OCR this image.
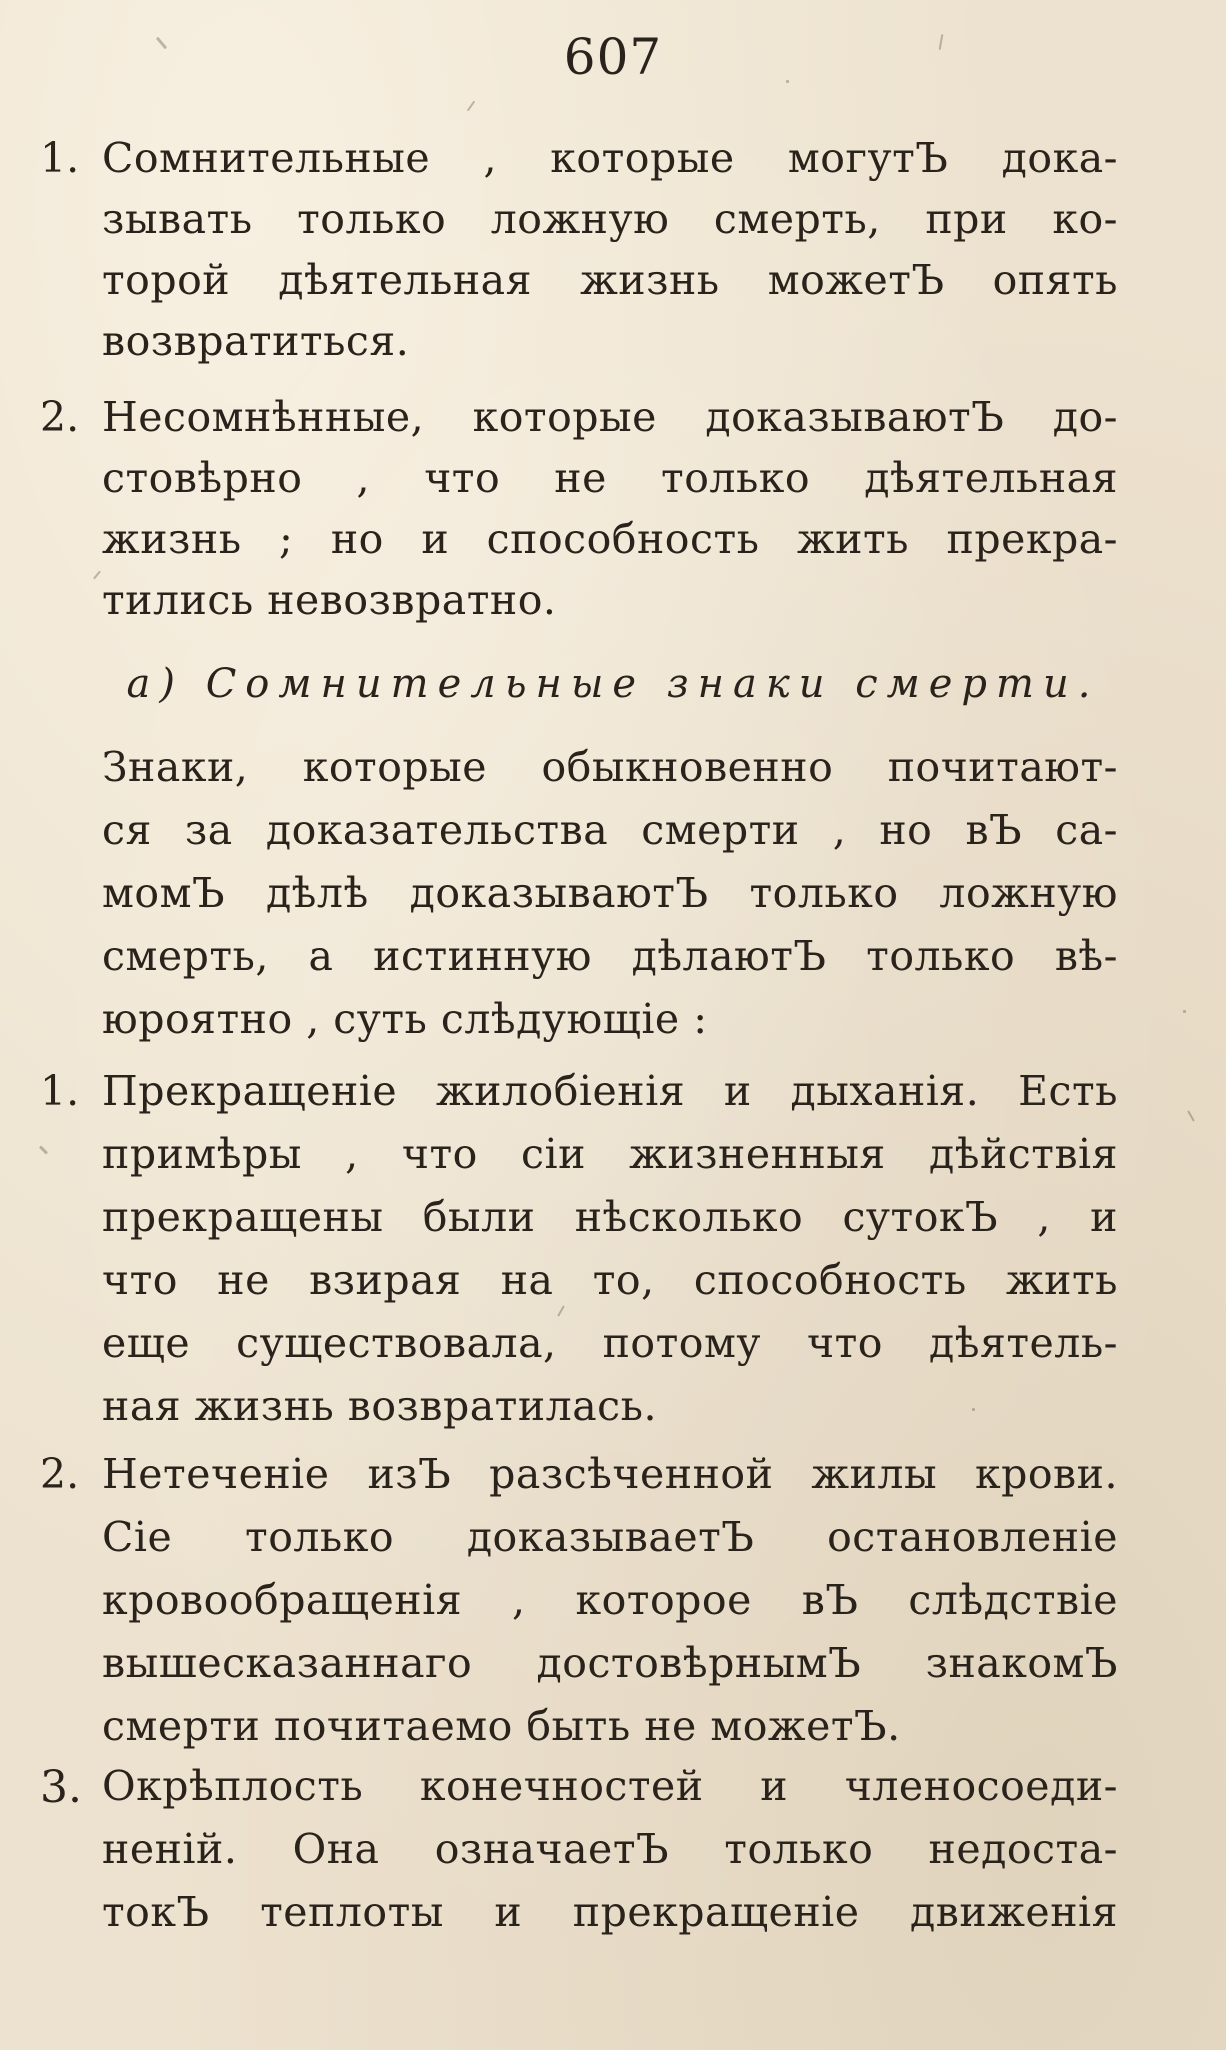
607
1. Сомнительные , которые могутЪ дока-
зывать только ложную смерть, при ко-
торой дѣятельная жизнь можетЪ опять
возвратиться.
2. Несомнѣнные, которые доказываютЪ до-
стовѣрно , что не только дѣятельная
жизнь ; но и способность жить прекра-
тились невозвратно.
а) Сомнительные знаки смерти.
Знаки, которые обыкновенно почитают-
ся за доказательства смерти , но вЪ са-
момЪ дѣлѣ доказываютЪ только ложную
смерть, а истинную дѣлаютЪ только вѣ-
юроятно , суть слѣдующіе :
1. Прекращеніе жилобіенія и дыханія. Есть
примѣры , что сіи жизненныя дѣйствія
прекращены были нѣсколько сутокЪ , и
что не взирая на то, способность жить
еще существовала, потому что дѣятель-
ная жизнь возвратилась.
2. Нетеченіе изЪ разсѣченной жилы крови.
Сіе только доказываетЪ остановленіе
кровообращенія , которое вЪ слѣдствіе
вышесказаннаго достовѣрнымЪ знакомЪ
смерти почитаемо быть не можетЪ.
3. Окрѣплость конечностей и членосоеди-
неній. Она означаетЪ только недоста-
токЪ теплоты и прекращеніе движенія
